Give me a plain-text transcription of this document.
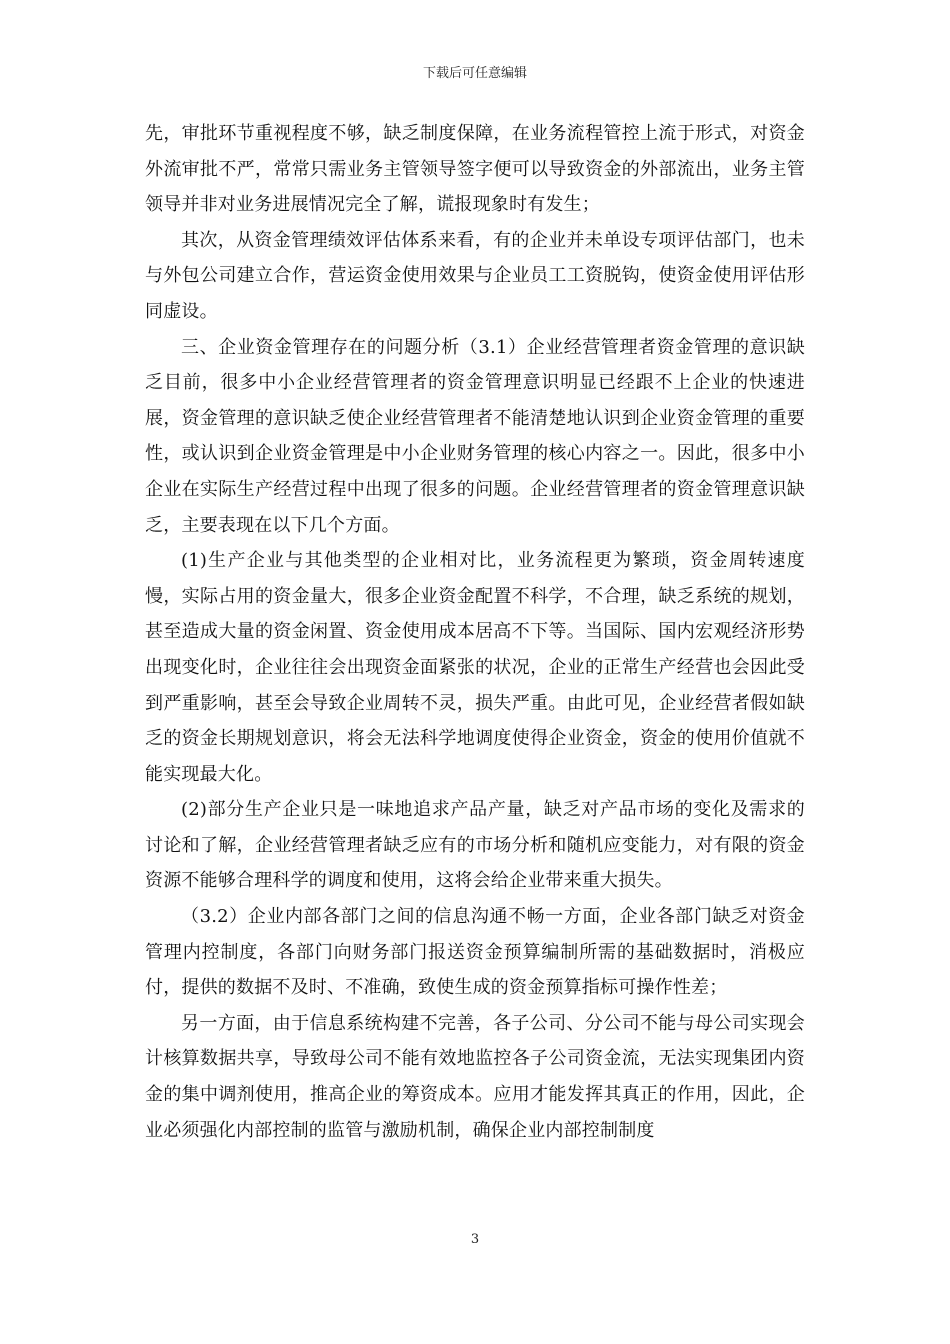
下载后可任意编辑

先，审批环节重视程度不够，缺乏制度保障，在业务流程管控上流于形式，对资金外流审批不严，常常只需业务主管领导签字便可以导致资金的外部流出，业务主管领导并非对业务进展情况完全了解，谎报现象时有发生；

其次，从资金管理绩效评估体系来看，有的企业并未单设专项评估部门，也未与外包公司建立合作，营运资金使用效果与企业员工工资脱钩，使资金使用评估形同虚设。

三、企业资金管理存在的问题分析（3.1）企业经营管理者资金管理的意识缺乏目前，很多中小企业经营管理者的资金管理意识明显已经跟不上企业的快速进展，资金管理的意识缺乏使企业经营管理者不能清楚地认识到企业资金管理的重要性，或认识到企业资金管理是中小企业财务管理的核心内容之一。因此，很多中小企业在实际生产经营过程中出现了很多的问题。企业经营管理者的资金管理意识缺乏，主要表现在以下几个方面。

(1)生产企业与其他类型的企业相对比，业务流程更为繁琐，资金周转速度慢，实际占用的资金量大，很多企业资金配置不科学，不合理，缺乏系统的规划，甚至造成大量的资金闲置、资金使用成本居高不下等。当国际、国内宏观经济形势出现变化时，企业往往会出现资金面紧张的状况，企业的正常生产经营也会因此受到严重影响，甚至会导致企业周转不灵，损失严重。由此可见，企业经营者假如缺乏的资金长期规划意识，将会无法科学地调度使得企业资金，资金的使用价值就不能实现最大化。

(2)部分生产企业只是一味地追求产品产量，缺乏对产品市场的变化及需求的讨论和了解，企业经营管理者缺乏应有的市场分析和随机应变能力，对有限的资金资源不能够合理科学的调度和使用，这将会给企业带来重大损失。

（3.2）企业内部各部门之间的信息沟通不畅一方面，企业各部门缺乏对资金管理内控制度，各部门向财务部门报送资金预算编制所需的基础数据时，消极应付，提供的数据不及时、不准确，致使生成的资金预算指标可操作性差；

另一方面，由于信息系统构建不完善，各子公司、分公司不能与母公司实现会计核算数据共享，导致母公司不能有效地监控各子公司资金流，无法实现集团内资金的集中调剂使用，推高企业的筹资成本。应用才能发挥其真正的作用，因此，企业必须强化内部控制的监管与激励机制，确保企业内部控制制度

3
